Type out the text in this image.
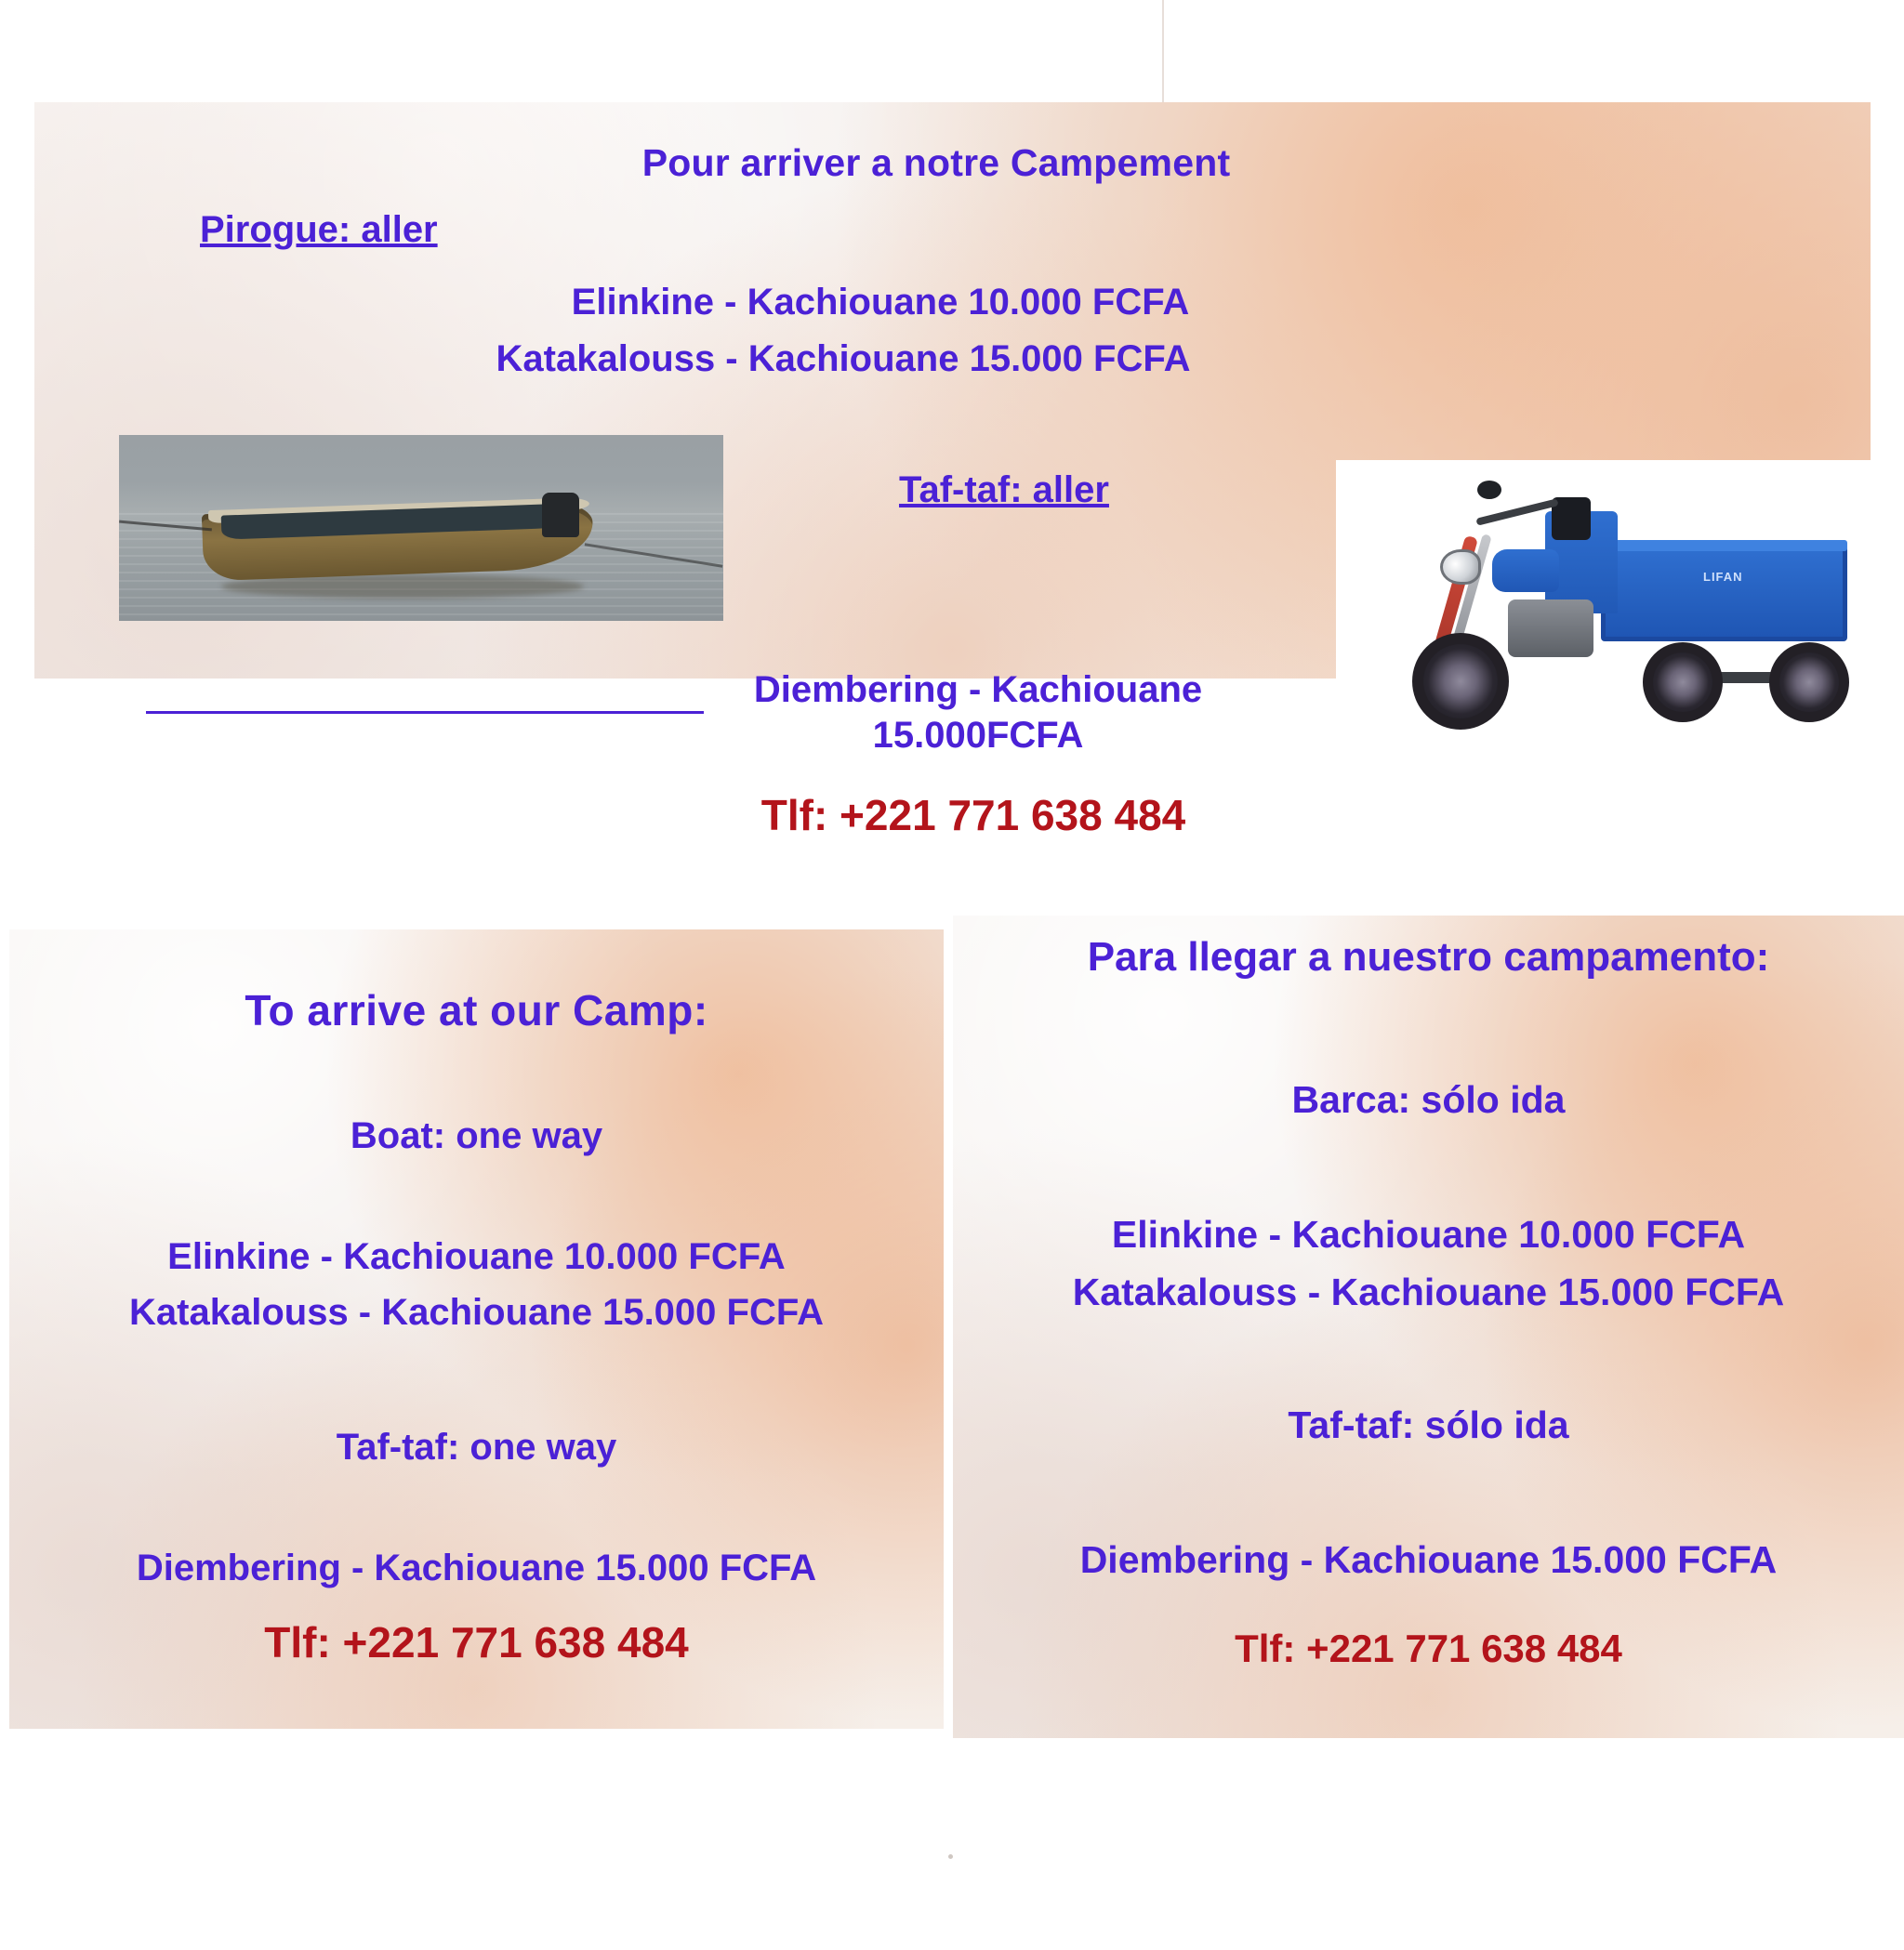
Pour arriver a notre Campement
Pirogue: aller
Elinkine - Kachiouane 10.000 FCFA
Katakalouss - Kachiouane 15.000 FCFA
Taf-taf: aller
LIFAN
Diembering - Kachiouane 15.000FCFA
Tlf: +221 771 638 484
To arrive at our Camp:
Boat: one way
Elinkine - Kachiouane 10.000 FCFA
Katakalouss - Kachiouane 15.000 FCFA
Taf-taf: one way
Diembering - Kachiouane 15.000 FCFA
Tlf: +221 771 638 484
Para llegar a nuestro campamento:
Barca: sólo ida
Elinkine - Kachiouane 10.000 FCFA
Katakalouss - Kachiouane 15.000 FCFA
Taf-taf: sólo ida
Diembering - Kachiouane 15.000 FCFA
Tlf: +221 771 638 484
